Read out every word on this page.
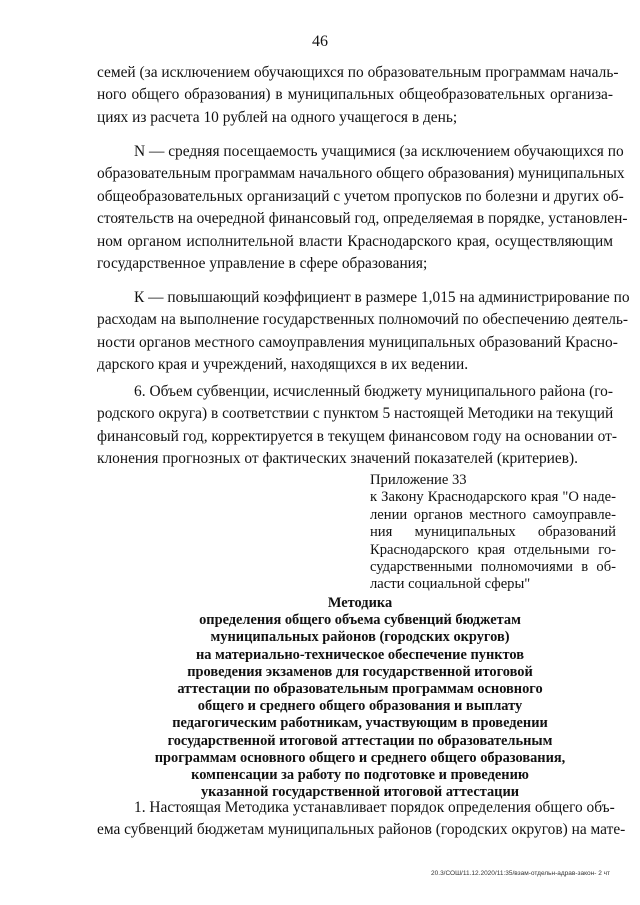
46
семей (за исключением обучающихся по образовательным программам началь-
ного общего образования) в муниципальных общеобразовательных организа-
циях из расчета 10 рублей на одного учащегося в день;
N — средняя посещаемость учащимися (за исключением обучающихся по
образовательным программам начального общего образования) муниципальных
общеобразовательных организаций с учетом пропусков по болезни и других об-
стоятельств на очередной финансовый год, определяемая в порядке, установлен-
ном органом исполнительной власти Краснодарского края, осуществляющим
государственное управление в сфере образования;
К — повышающий коэффициент в размере 1,015 на администрирование по
расходам на выполнение государственных полномочий по обеспечению деятель-
ности органов местного самоуправления муниципальных образований Красно-
дарского края и учреждений, находящихся в их ведении.
6. Объем субвенции, исчисленный бюджету муниципального района (го-
родского округа) в соответствии с пунктом 5 настоящей Методики на текущий
финансовый год, корректируется в текущем финансовом году на основании от-
клонения прогнозных от фактических значений показателей (критериев).
Приложение 33
к Закону Краснодарского края "О наде-
лении органов местного самоуправле-
ния муниципальных образований
Краснодарского края отдельными го-
сударственными полномочиями в об-
ласти социальной сферы"
Методика
определения общего объема субвенций бюджетам
муниципальных районов (городских округов)
на материально-техническое обеспечение пунктов
проведения экзаменов для государственной итоговой
аттестации по образовательным программам основного
общего и среднего общего образования и выплату
педагогическим работникам, участвующим в проведении
государственной итоговой аттестации по образовательным
программам основного общего и среднего общего образования,
компенсации за работу по подготовке и проведению
указанной государственной итоговой аттестации
1. Настоящая Методика устанавливает порядок определения общего объ-
ема субвенций бюджетам муниципальных районов (городских округов) на мате-
20.3/СОШ/11.12.2020/11:35/взам-отдельн-адрав-закон- 2 чт
